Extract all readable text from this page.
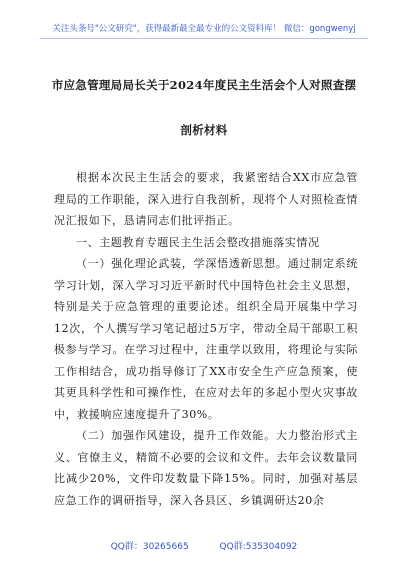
关注头条号"公文研究"，获得最新最全最专业的公文资料库！ 微信：gongwenyj
市应急管理局局长关于2024年度民主生活会个人对照查摆
剖析材料

根据本次民主生活会的要求，我紧密结合XX市应急管理局的工作职能，深入进行自我剖析，现将个人对照检查情况汇报如下，恳请同志们批评指正。

一、主题教育专题民主生活会整改措施落实情况

（一）强化理论武装，学深悟透新思想。通过制定系统学习计划，深入学习习近平新时代中国特色社会主义思想，特别是关于应急管理的重要论述。组织全局开展集中学习12次，个人撰写学习笔记超过5万字，带动全局干部职工积极参与学习。在学习过程中，注重学以致用，将理论与实际工作相结合，成功指导修订了XX市安全生产应急预案，使其更具科学性和可操作性，在应对去年的多起小型火灾事故中，救援响应速度提升了30%。

（二）加强作风建设，提升工作效能。大力整治形式主义、官僚主义，精简不必要的会议和文件。去年会议数量同比减少20%，文件印发数量下降15%。同时，加强对基层应急工作的调研指导，深入各县区、乡镇调研达20余

QQ群：30265665	QQ群:535304092
